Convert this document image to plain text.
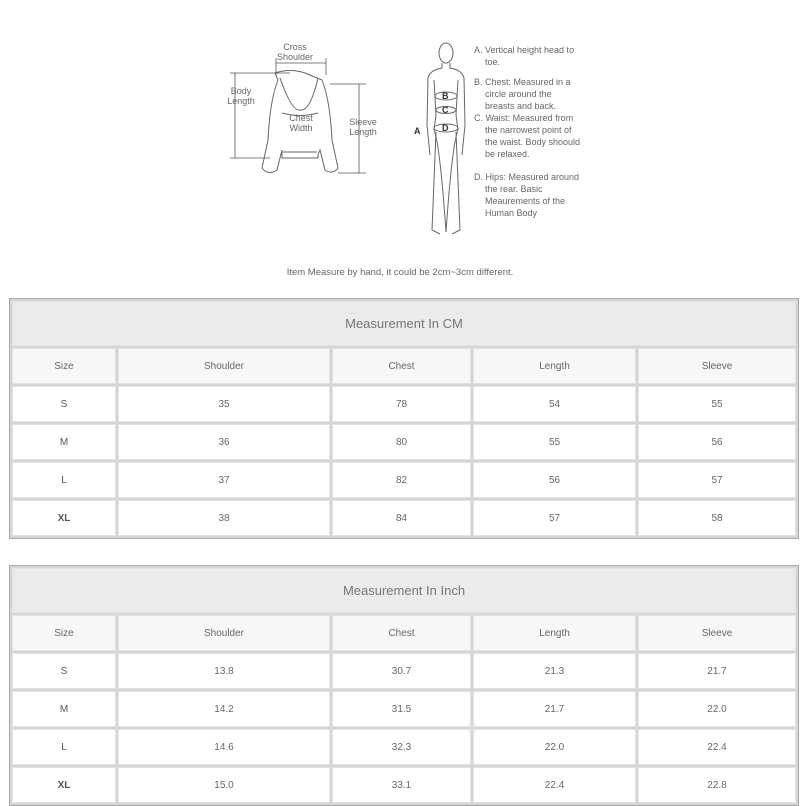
Cross Shoulder
Body Length
Chest Width
Sleeve Length	A
B
C
D
A. Vertical height head to toe.
B. Chest: Measured in a circle around the breasts and back.
C. Waist: Measured from the narrowest point of the waist. Body shoould be relaxed.
D. Hips: Measured around the rear. Basic Meaurements of the Human Body
Item Measure by hand, it could be 2cm~3cm different.
Measurement In CM				
Size	Shoulder	Chest	Length	Sleeve
S	35	78	54	55
M	36	80	55	56
L	37	82	56	57
XL	38	84	57	58
Measurement In Inch				
Size	Shoulder	Chest	Length	Sleeve
S	13.8	30.7	21.3	21.7
M	14.2	31.5	21.7	22.0
L	14.6	32.3	22.0	22.4
XL	15.0	33.1	22.4	22.8
